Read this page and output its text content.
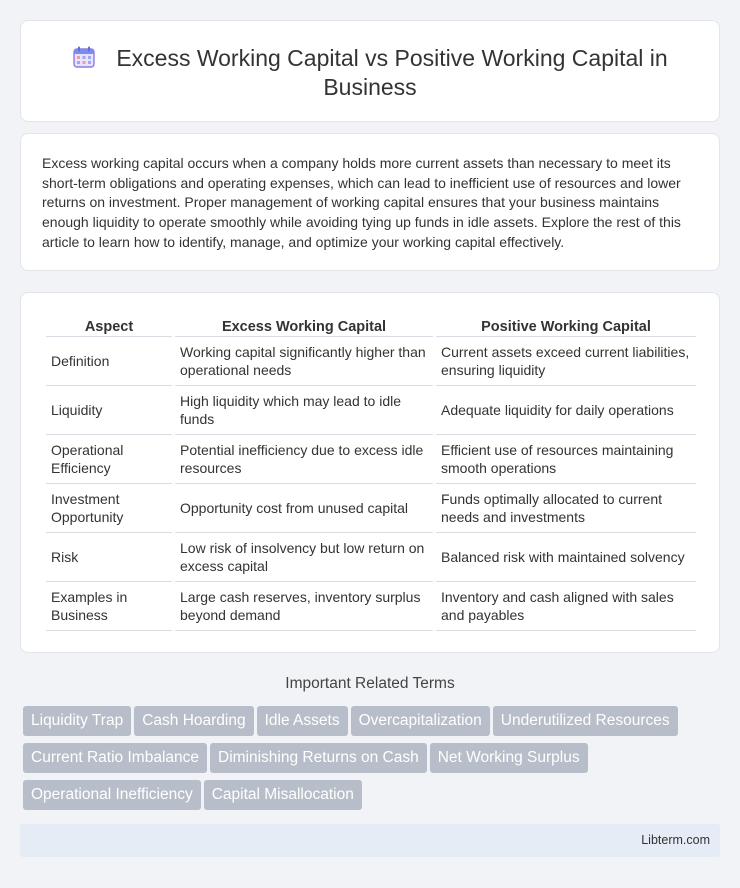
Excess Working Capital vs Positive Working Capital in
Business

Excess working capital occurs when a company holds more current assets than necessary to meet its short-term obligations and operating expenses, which can lead to inefficient use of resources and lower returns on investment. Proper management of working capital ensures that your business maintains enough liquidity to operate smoothly while avoiding tying up funds in idle assets. Explore the rest of this article to learn how to identify, manage, and optimize your working capital effectively.

Aspect	Excess Working Capital	Positive Working Capital
Definition	Working capital significantly higher than operational needs	Current assets exceed current liabilities, ensuring liquidity
Liquidity	High liquidity which may lead to idle funds	Adequate liquidity for daily operations
Operational Efficiency	Potential inefficiency due to excess idle resources	Efficient use of resources maintaining smooth operations
Investment Opportunity	Opportunity cost from unused capital	Funds optimally allocated to current needs and investments
Risk	Low risk of insolvency but low return on excess capital	Balanced risk with maintained solvency
Examples in Business	Large cash reserves, inventory surplus beyond demand	Inventory and cash aligned with sales and payables
Important Related Terms
Liquidity Trap Cash Hoarding Idle Assets Overcapitalization Underutilized ResourcesCurrent Ratio Imbalance Diminishing Returns on Cash Net Working SurplusOperational Inefficiency Capital Misallocation
Libterm.com
